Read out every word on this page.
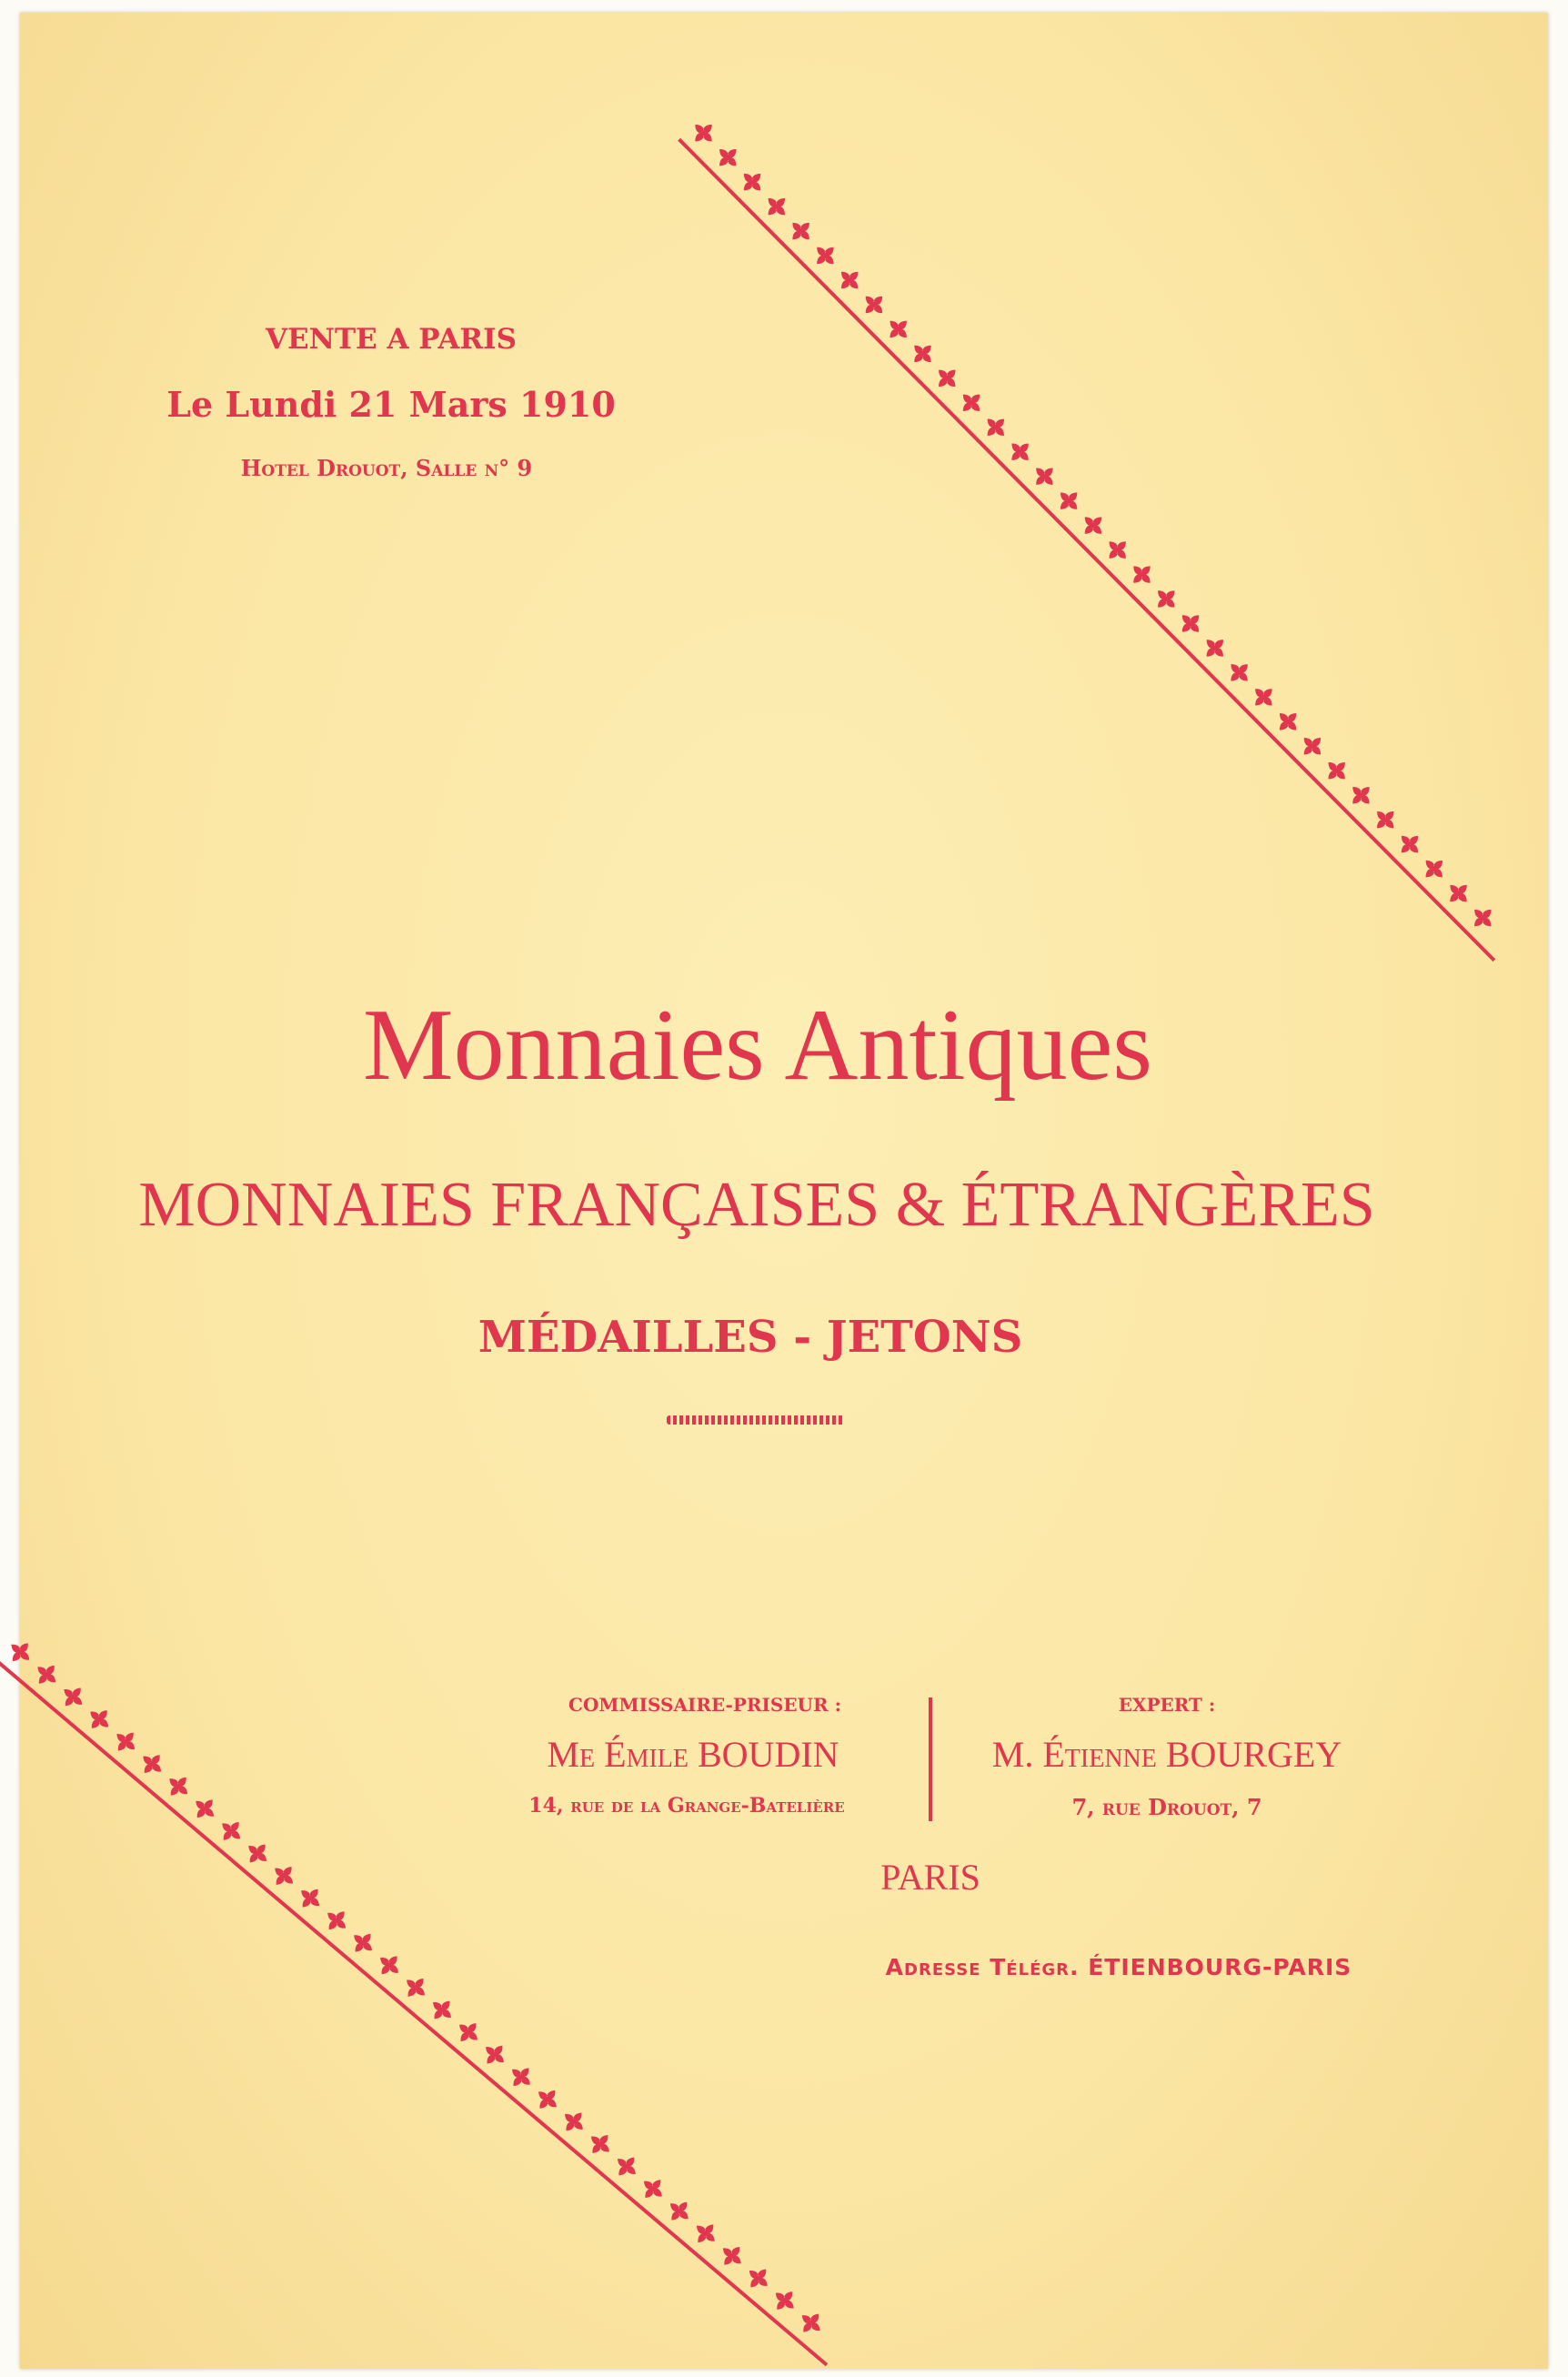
VENTE A PARIS
Le Lundi 21 Mars 1910
Hotel Drouot, Salle n° 9
Monnaies Antiques
MONNAIES FRANÇAISES & ÉTRANGÈRES
MÉDAILLES - JETONS
COMMISSAIRE-PRISEUR :
Me Émile BOUDIN
14, rue de la Grange-Batelière
EXPERT :
M. Étienne BOURGEY
7, rue Drouot, 7
PARIS
Adresse Télégr. ÉTIENBOURG-PARIS
